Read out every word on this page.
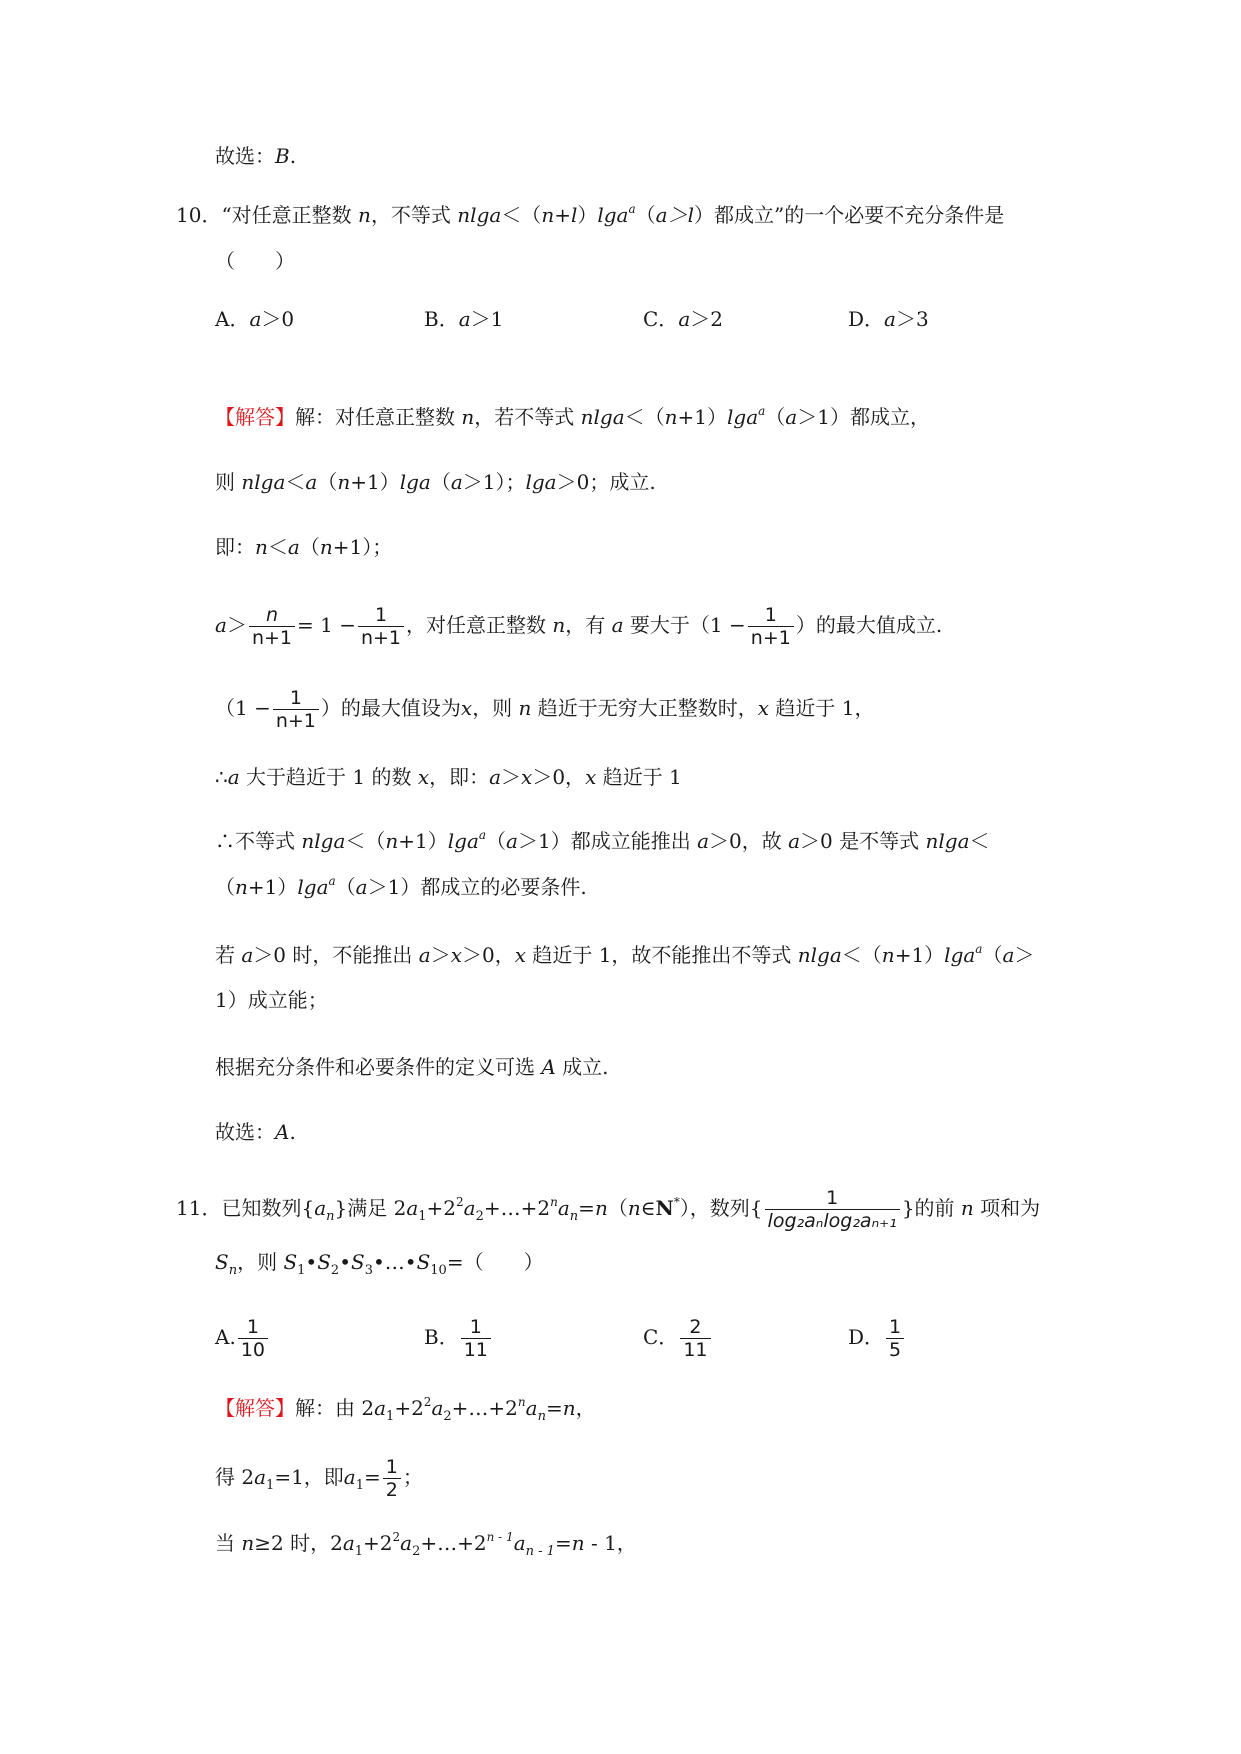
故选：B.
10．“对任意正整数 n，不等式 nlga＜（n+l）lga$^a$（a＞l）都成立”的一个必要不充分条件是
（　　）
A．a＞0	B．a＞1	C．a＞2	D．a＞3
【解答】解：对任意正整数 n，若不等式 nlga＜（n+1）lga$^a$（a＞1）都成立，
则 nlga＜a（n+1）lga（a＞1）；lga＞0；成立.
即：n＜a（n+1）；
$a> \frac{n}{n+1} = 1 - \frac{1}{n+1}$ ，对任意正整数 n，有 a 要大于（$1 - \frac{1}{n+1}$ ）的最大值成立.
（$1 - \frac{1}{n+1}$ ）的最大值设为x，则 n 趋近于无穷大正整数时，x 趋近于 1，
∴a 大于趋近于 1 的数 x，即：a＞x＞0，x 趋近于 1
∴不等式 nlga＜（n+1）lga$^a$（a＞1）都成立能推出 a＞0，故 a＞0 是不等式 nlga＜
（n+1）lga$^a$（a＞1）都成立的必要条件.
若 a＞0 时，不能推出 a＞x＞0，x 趋近于 1，故不能推出不等式 nlga＜（n+1）lga$^a$（a＞
1）成立能；
根据充分条件和必要条件的定义可选 A 成立.
故选：A.
11．已知数列$\{a_n\}$满足 $2a_1+2^2a_2+\dots+2^na_n=n(n\in N^*)$，数列{ $\frac{1}{\text{log₂aₙlog₂aₙ₊₁}}$ }的前 n 项和为
$S_n$，则 $S_1•S_2•S_3•\dots•S_{10}=$（　　）
A. $\frac{1}{10}$	B． $\frac{1}{11}$	C． $\frac{2}{11}$	D． $\frac{1}{5}$
【解答】解：由 $2a_1+2^2a_2+\dots+2^na_n=n$，
得 $2a_1=1$，即$a_1= \frac{1}{2}$ ；
当 n≥2 时，$2a_1+2^2a_2+\dots+2^{n - 1}a_{n - 1}=n - 1$，
